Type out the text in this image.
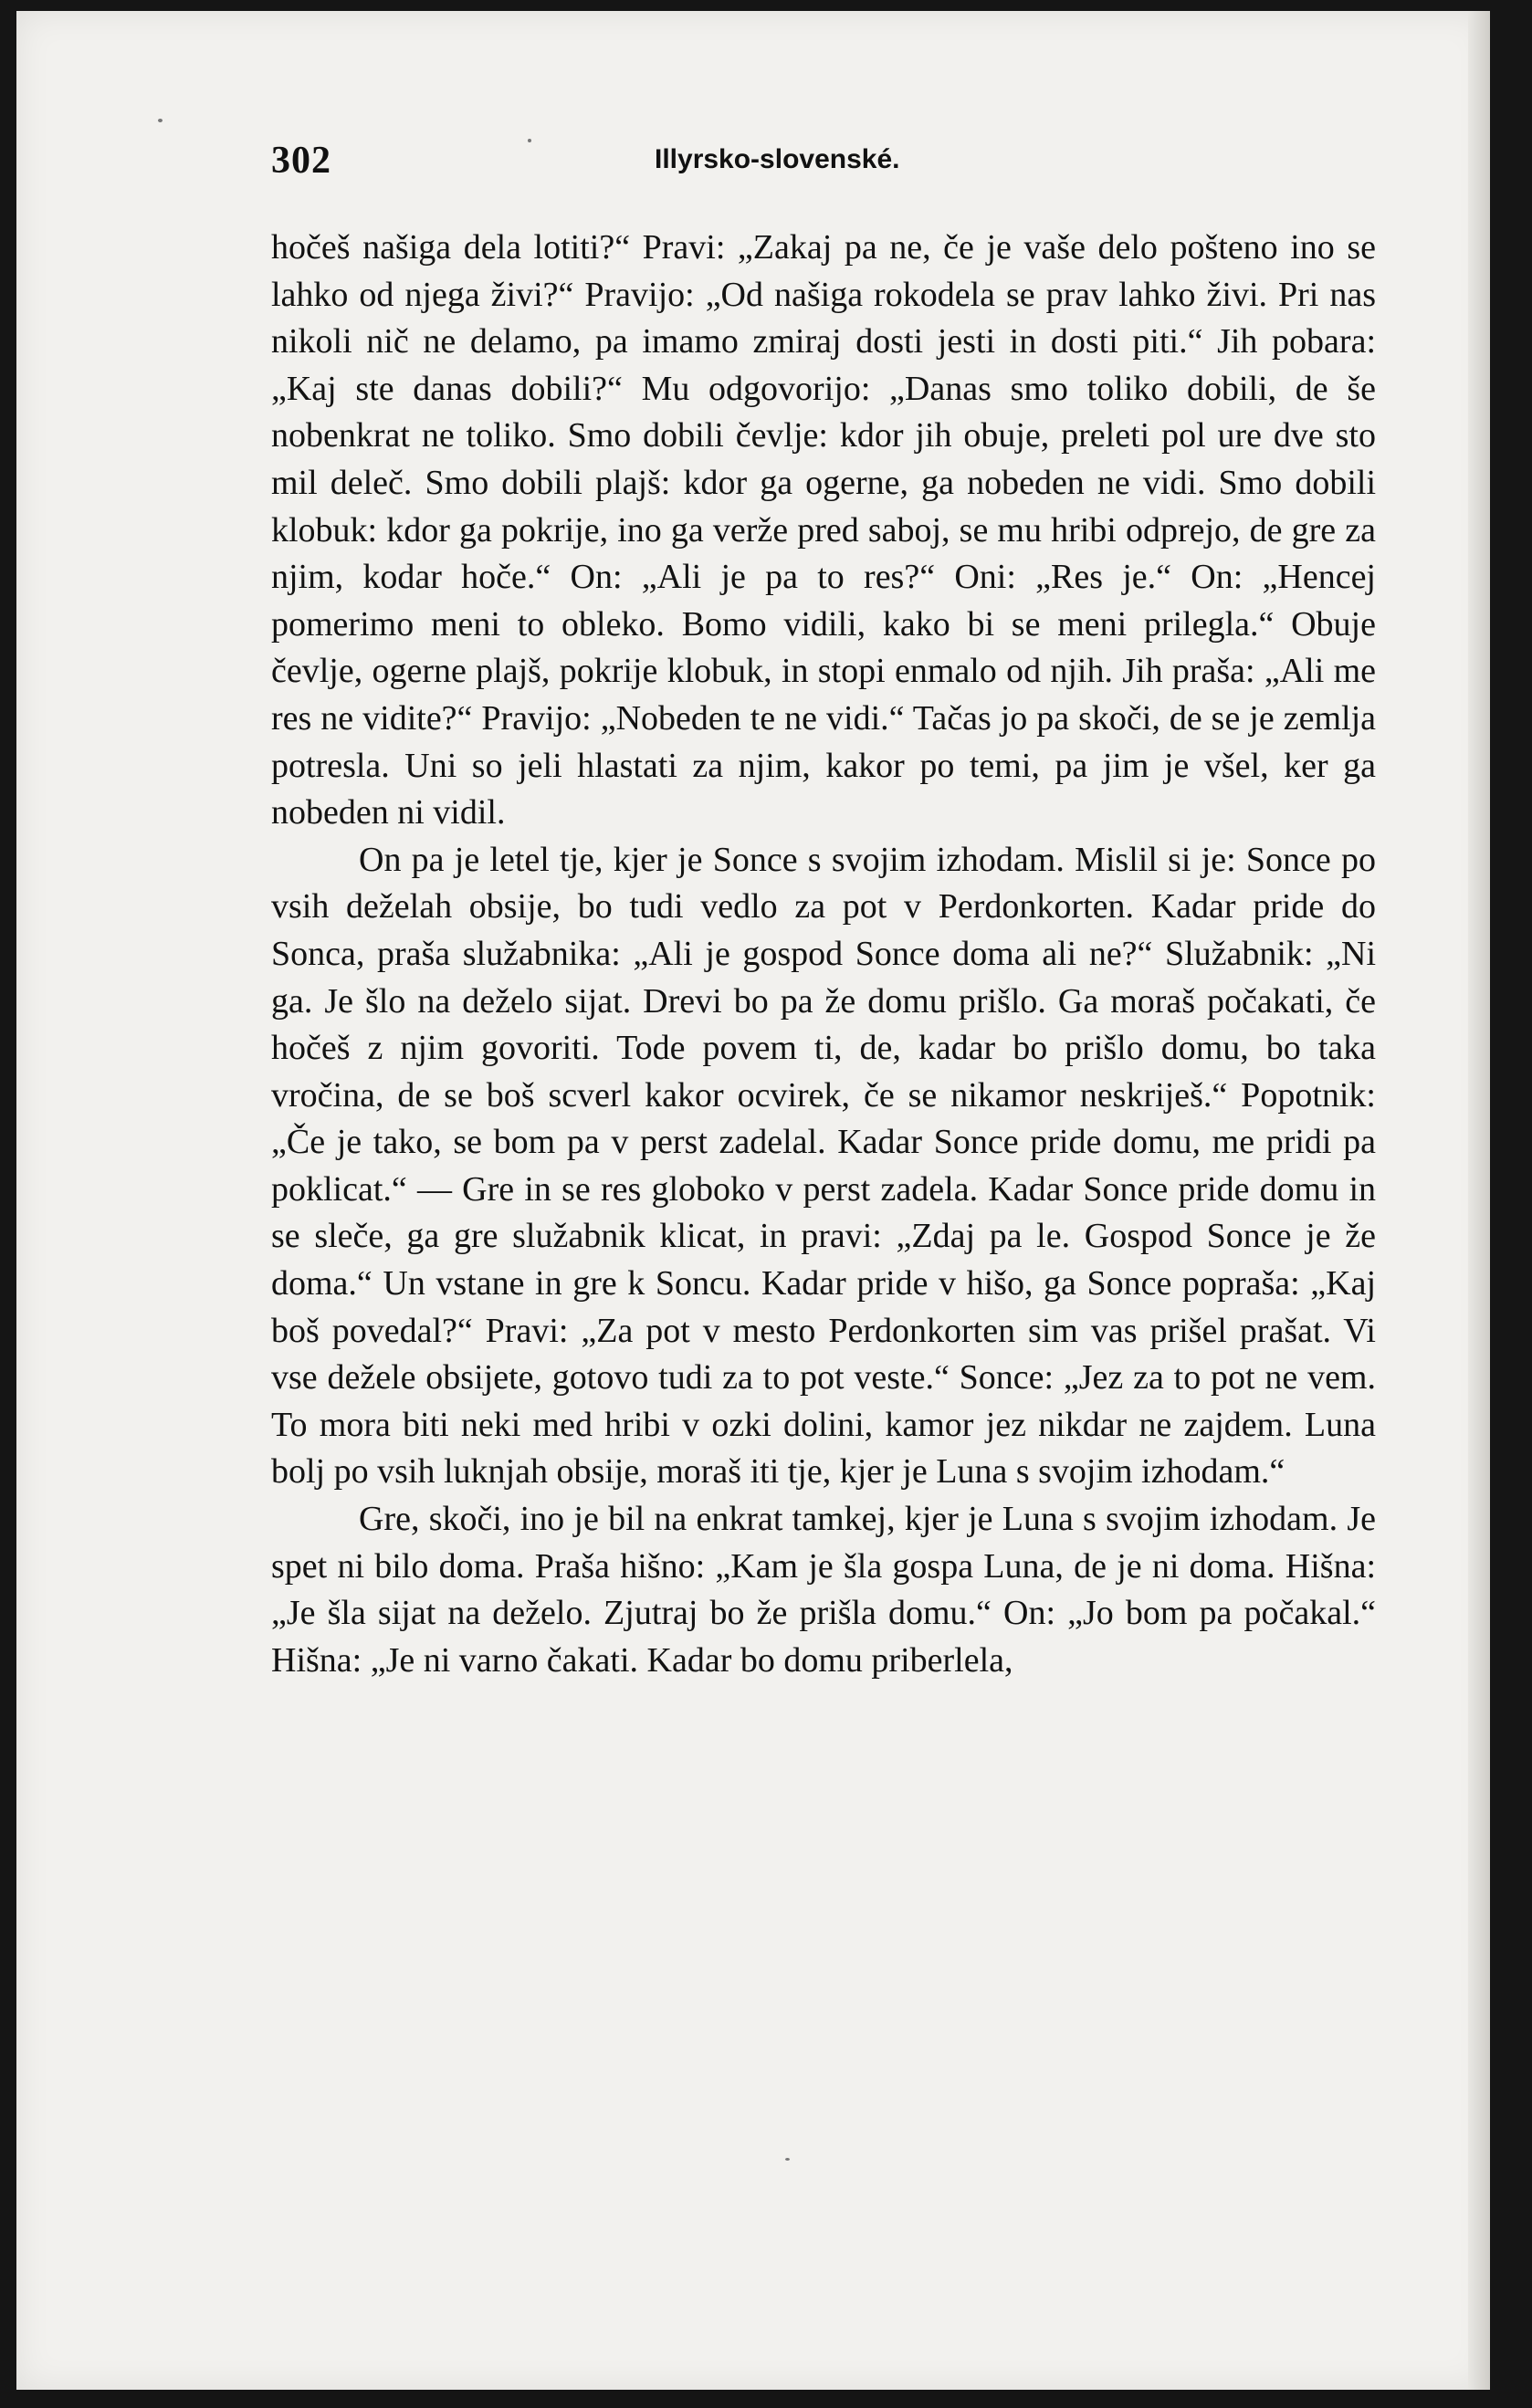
302	Illyrsko-slovenské.

hočeš našiga dela lotiti?“ Pravi: „Zakaj pa ne, če je vaše delo pošteno ino se lahko od njega živi?“ Pravijo: „Od našiga rokodela se prav lahko živi. Pri nas nikoli nič ne delamo, pa imamo zmiraj dosti jesti in dosti piti.“ Jih pobara: „Kaj ste danas dobili?“ Mu odgovorijo: „Danas smo toliko dobili, de še nobenkrat ne toliko. Smo dobili čevlje: kdor jih obuje, preleti pol ure dve sto mil deleč. Smo dobili plajš: kdor ga ogerne, ga nobeden ne vidi. Smo dobili klobuk: kdor ga pokrije, ino ga verže pred saboj, se mu hribi odprejo, de gre za njim, kodar hoče.“ On: „Ali je pa to res?“ Oni: „Res je.“ On: „Hencej pomerimo meni to obleko. Bomo vidili, kako bi se meni prilegla.“ Obuje čevlje, ogerne plajš, pokrije klobuk, in stopi enmalo od njih. Jih praša: „Ali me res ne vidite?“ Pravijo: „Nobeden te ne vidi.“ Tačas jo pa skoči, de se je zemlja potresla. Uni so jeli hlastati za njim, kakor po temi, pa jim je všel, ker ga nobeden ni vidil.

On pa je letel tje, kjer je Sonce s svojim izhodam. Mislil si je: Sonce po vsih deželah obsije, bo tudi vedlo za pot v Perdonkorten. Kadar pride do Sonca, praša služabnika: „Ali je gospod Sonce doma ali ne?“ Služabnik: „Ni ga. Je šlo na deželo sijat. Drevi bo pa že domu prišlo. Ga moraš počakati, če hočeš z njim govoriti. Tode povem ti, de, kadar bo prišlo domu, bo taka vročina, de se boš scverl kakor ocvirek, če se nikamor neskriješ.“ Popotnik: „Če je tako, se bom pa v perst zadelal. Kadar Sonce pride domu, me pridi pa poklicat.“ — Gre in se res globoko v perst zadela. Kadar Sonce pride domu in se sleče, ga gre služabnik klicat, in pravi: „Zdaj pa le. Gospod Sonce je že doma.“ Un vstane in gre k Soncu. Kadar pride v hišo, ga Sonce popraša: „Kaj boš povedal?“ Pravi: „Za pot v mesto Perdonkorten sim vas prišel prašat. Vi vse dežele obsijete, gotovo tudi za to pot veste.“ Sonce: „Jez za to pot ne vem. To mora biti neki med hribi v ozki dolini, kamor jez nikdar ne zajdem. Luna bolj po vsih luknjah obsije, moraš iti tje, kjer je Luna s svojim izhodam.“

Gre, skoči, ino je bil na enkrat tamkej, kjer je Luna s svojim izhodam. Je spet ni bilo doma. Praša hišno: „Kam je šla gospa Luna, de je ni doma. Hišna: „Je šla sijat na deželo. Zjutraj bo že prišla domu.“ On: „Jo bom pa počakal.“ Hišna: „Je ni varno čakati. Kadar bo domu priberlela,
